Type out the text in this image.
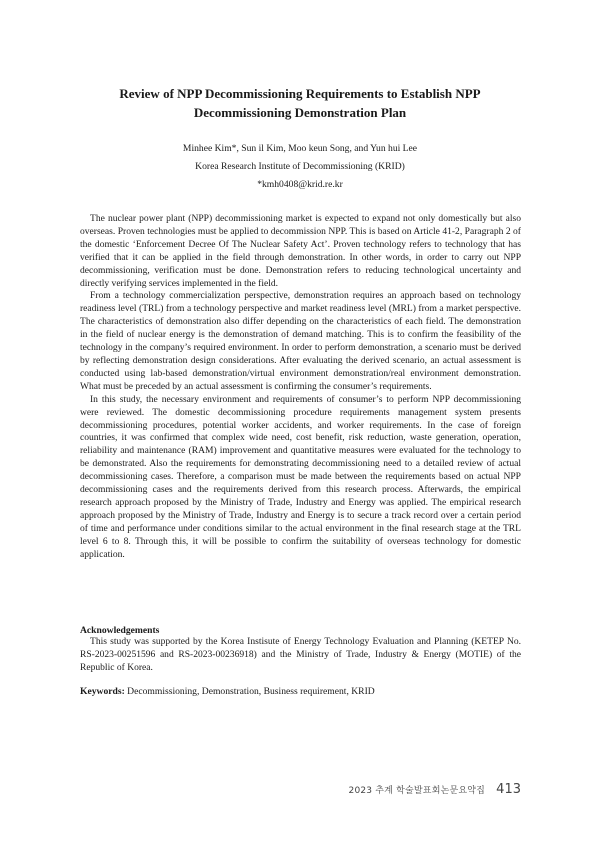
Review of NPP Decommissioning Requirements to Establish NPP
Decommissioning Demonstration Plan
Minhee Kim*, Sun il Kim, Moo keun Song, and Yun hui Lee
Korea Research Institute of Decommissioning (KRID)
*kmh0408@krid.re.kr

The nuclear power plant (NPP) decommissioning market is expected to expand not only domestically but also overseas. Proven technologies must be applied to decommission NPP. This is based on Article 41-2, Paragraph 2 of the domestic ‘Enforcement Decree Of The Nuclear Safety Act’. Proven technology refers to technology that has verified that it can be applied in the field through demonstration. In other words, in order to carry out NPP decommissioning, verification must be done. Demonstration refers to reducing technological uncertainty and directly verifying services implemented in the field.

From a technology commercialization perspective, demonstration requires an approach based on technology readiness level (TRL) from a technology perspective and market readiness level (MRL) from a market perspective. The characteristics of demonstration also differ depending on the characteristics of each field. The demonstration in the field of nuclear energy is the demonstration of demand matching. This is to confirm the feasibility of the technology in the company’s required environment. In order to perform demonstration, a scenario must be derived by reflecting demonstration design considerations. After evaluating the derived scenario, an actual assessment is conducted using lab-based demonstration/virtual environment demonstration/real environment demonstration. What must be preceded by an actual assessment is confirming the consumer’s requirements.

In this study, the necessary environment and requirements of consumer’s to perform NPP decommissioning were reviewed. The domestic decommissioning procedure requirements management system presents decommissioning procedures, potential worker accidents, and worker requirements. In the case of foreign countries, it was confirmed that complex wide need, cost benefit, risk reduction, waste generation, operation, reliability and maintenance (RAM) improvement and quantitative measures were evaluated for the technology to be demonstrated. Also the requirements for demonstrating decommissioning need to a detailed review of actual decommissioning cases. Therefore, a comparison must be made between the requirements based on actual NPP decommissioning cases and the requirements derived from this research process. Afterwards, the empirical research approach proposed by the Ministry of Trade, Industry and Energy was applied. The empirical research approach proposed by the Ministry of Trade, Industry and Energy is to secure a track record over a certain period of time and performance under conditions similar to the actual environment in the final research stage at the TRL level 6 to 8. Through this, it will be possible to confirm the suitability of overseas technology for domestic application.

Acknowledgements

This study was supported by the Korea Instisute of Energy Technology Evaluation and Planning (KETEP No. RS-2023-00251596 and RS-2023-00236918) and the Ministry of Trade, Industry & Energy (MOTIE) of the Republic of Korea.

Keywords: Decommissioning, Demonstration, Business requirement, KRID
2023 추계 학술발표회논문요약집 413
